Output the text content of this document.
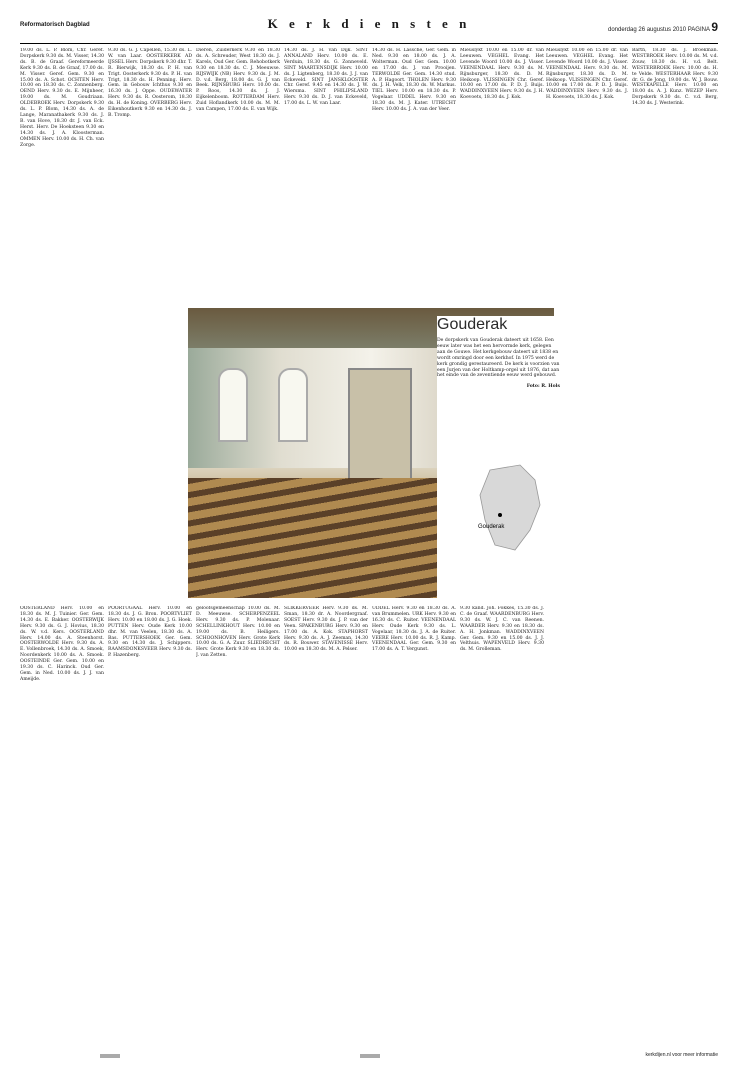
Reformatorisch Dagblad	K e r k d i e n s t e n	donderdag 26 augustus 2010 PAGINA 9

19.00 ds. L. P. Blom, Chr. Geref. Dorpskerk 9.30 ds. M. Visser, 14.30 ds. B. de Graaf. Gereformeerde Kerk 9.30 ds. B. de Graaf, 17.00 ds. M. Visser. Geref. Gem. 9.30 en 15.00 ds. A. Schot. OCHTEN Herv. 10.00 en 18.30 ds. C. Zonnenberg. OEND Herv. 9.30 ds. E. Mijnheer, 19.00 ds. M. Goudriaan. OLDEBROEK Herv. Dorpskerk 9.30 ds. L. P. Blom, 14.30 ds. A. de Lange, Maranathakerk 9.30 ds. J. B. van Hove, 18.30 dr. J. van Eck. Herst. Herv. De Hoeksteen 9.30 en 14.30 ds. J. A. Kloosterman. OMMEN Herv. 10.00 ds. H. Ch. van Zorge.

9.30 ds. G. J. Capellen, 15.30 ds. L. W. van Laar. OOSTERKERK AD IJSSEL Herv. Dorpskerk 9.30 dhr. T. R. Bierwijk, 18.30 ds. P. H. van Trigt. Oosterkerk 9.30 ds. P. H. van Trigt, 18.30 ds. H. Penning. Herv. Gem. in Gebouw Ichthus 9.30 en 16.30 ds. J. Oppe. OUDEWATER Herv. 9.30 ds. R. Oosterom, 18.30 ds. H. de Koning. OVERBERG Herv. Eikenhoutkerk 9.30 en 14.30 ds. J. B. Tromp.

Dieren, Zuiderkerk 9.30 en 18.30 ds. A. Schreuder, West 18.30 ds. J. Karels, Oud Ger. Gem. Rehobotkerk 9.30 en 18.30 ds. C. J. Meeuwse. RIJSWIJK (NB) Herv. 9.30 ds. J. M. D. v.d. Berg, 18.00 ds. G. J. van Beek. RIJNSBURG Herv. 10.00 ds. P. Roos, 14.30 ds. J. J. Eijkelenboom. ROTTERDAM Herv. Zuid Hoflandkerk 10.00 ds. M. M. van Campen, 17.00 ds. E. van Wijk.

14.30 ds. J. H. van Dijk. SINT ANNALAND Herv. 10.00 ds. E. Verduin, 18.30 ds. G. Zonneveld. SINT MAARTENSDIJK Herv. 10.00 ds. J. Ligtenberg, 18.30 ds. J. J. van Eckeveld. SINT JANSKLOOSTER Chr. Geref. 9.45 en 14.30 ds. J. W. Wiersma. SINT PHILIPSLAND Herv. 9.30 ds. D. J. van Eckeveld, 17.00 ds. L. W. van Laar.

14.30 ds. H. Lassche, Ger. Gem. in Ned. 9.30 en 18.00 ds. J. A. Wolterman. Oud Ger. Gem. 10.00 en 17.00 ds. J. van Prooijen. TERWOLDE Ger. Gem. 14.30 stud. A. P. Hagoort. THOLEN Herv. 9.30 ds. J. H. Velk, 18.30 ds. W. Markus. TIEL Herv. 10.00 en 18.30 ds. P. Vogelaar. UDDEL Herv. 9.30 en 18.30 ds. M. J. Kater. UTRECHT Herv. 10.00 ds. J. A. van der Veer.

Mieuslykt 10.00 en 15.00 dr. van Leeuwen. VEGHEL Evang. Het Levende Woord 10.00 ds. J. Visser. VEENENDAAL Herv. 9.30 ds. M. Rijnsburger, 18.30 ds. D. M. Heikoop. VLISSINGEN Chr. Geref. 10.00 en 17.00 ds. P. D. J. Buijs. WADDINXVEEN Herv. 9.30 ds. J. H. Koevoets, 18.30 ds. J. Kok.

Barth, 18.30 ds. J. Broekman. WESTBROEK Herv. 10.00 ds. M. v.d. Zouw, 18.30 ds. H. v.d. Belt. WESTERBROEK Herv. 10.00 ds. H. te Velde. WESTERHAAR Herv. 9.30 dr. G. de Jong, 19.00 ds. W. J. Bouw. WESTKAPELLE Herv. 10.00 en 18.00 ds. A. J. Kunz. WEZEP Herv. Dorpskerk 9.30 ds. C. v.d. Berg, 14.30 ds. J. Westerink.

Mieuslykt 10.00 en 15.00 dr. van Leeuwen. VEGHEL Evang. Het Levende Woord 10.00 ds. J. Visser. VEENENDAAL Herv. 9.30 ds. M. Rijnsburger, 18.30 ds. D. M. Heikoop. VLISSINGEN Chr. Geref. 10.00 en 17.00 ds. P. D. J. Buijs. WADDINXVEEN Herv. 9.30 ds. J. H. Koevoets, 18.30 ds. J. Kok.

Gouderak

De dorpskerk van Gouderak dateert uit 1658. Een eeuw later was het een hervormde kerk, gelegen aan de Gouwe. Het kerkgebouw dateert uit 1838 en wordt omringd door een kerkhof. In 1975 werd de kerk grondig gerestaureerd. De kerk is voorzien van een Jurjen van der Holtkamp-orgel uit 1876, dat aan het einde van de zeventiende eeuw werd gebouwd.

Foto: R. Hols

Gouderak

OOSTERLAND Herv. 10.00 en 18.30 ds. M. J. Tuinier. Ger. Gem. 14.30 ds. E. Bakker. OOSTERWIJK Herv. 9.30 ds. G. J. Hovius, 18.30 ds. W. v.d. Kers. OOSTERLAND Herv. 14.00 ds. A. Steenhorst. OOSTERWOLDE Herv. 9.30 ds. A. E. Vollenbroek, 14.30 ds. A. Smoek, Noordenkerk 10.00 ds. A. Smoek. OOSTEINDE Ger. Gem. 10.00 en 19.30 ds. C. Harinck. Oud Ger. Gem. in Ned. 10.00 ds. J. J. van Ameijde.

POORTUGAAL Herv. 10.00 en 18.30 ds. J. G. Bron. POORTVLIET Herv. 10.00 en 18.00 ds. J. G. Hoek. PUTTEN Herv. Oude Kerk 10.00 dhr. M. van Veelen, 18.30 ds. A. Bas. PUTTERSHOEK Ger. Gem. 9.30 en 14.30 ds. J. Schippers. RAAMSDONKSVEER Herv. 9.30 ds. P. Hazenberg.

geloofsgemeenschap 10.00 ds. M. D. Meeuwse. SCHERPENZEEL Herv. 9.30 ds. P. Molenaar. SCHELLINKHOUT Herv. 10.00 en 19.00 ds. B. Heiligers. SCHOONHOVEN Herv. Grote Kerk 10.00 ds. G. A. Zuur. SLIEDRECHT Herv. Grote Kerk 9.30 en 18.30 ds. J. van Zetten.

SLIKKERVEER Herv. 9.30 ds. M. Sman, 18.30 dr. A. Noordergraaf. SOEST Herv. 9.30 ds. J. P. van der Veen. SPAKENBURG Herv. 9.30 en 17.00 ds. A. Kok. STAPHORST Herv. 9.30 ds. A. J. Zeeman, 14.30 ds. R. Bouwer. STAVENISSE Herv. 10.00 en 18.30 ds. M. A. Pelser.

UDDEL Herv. 9.30 en 18.30 ds. A. van Brummelen. URK Herv. 9.30 en 16.30 ds. C. Ruiter. VEENENDAAL Herv. Oude Kerk 9.30 ds. L. Vogelaar, 18.30 ds. J. A. de Ruiter. VEERE Herv. 10.00 ds. R. J. Kamp. VEENENDAAL Ger. Gem. 9.30 en 17.00 ds. A. T. Vergunst.

9.30 kand. Joh. Fokkes, 15.30 ds. J. C. de Graaf. WAARDENBURG Herv. 9.30 ds. W. J. C. van Reenen. WAARDER Herv. 9.30 en 18.30 ds. A. H. Jonkman. WADDINXVEEN Ger. Gem. 9.30 en 15.00 ds. J. J. Velthuis. WAPENVELD Herv. 9.30 ds. M. Grolleman.

kerkdijen.nl voor meer informatie
